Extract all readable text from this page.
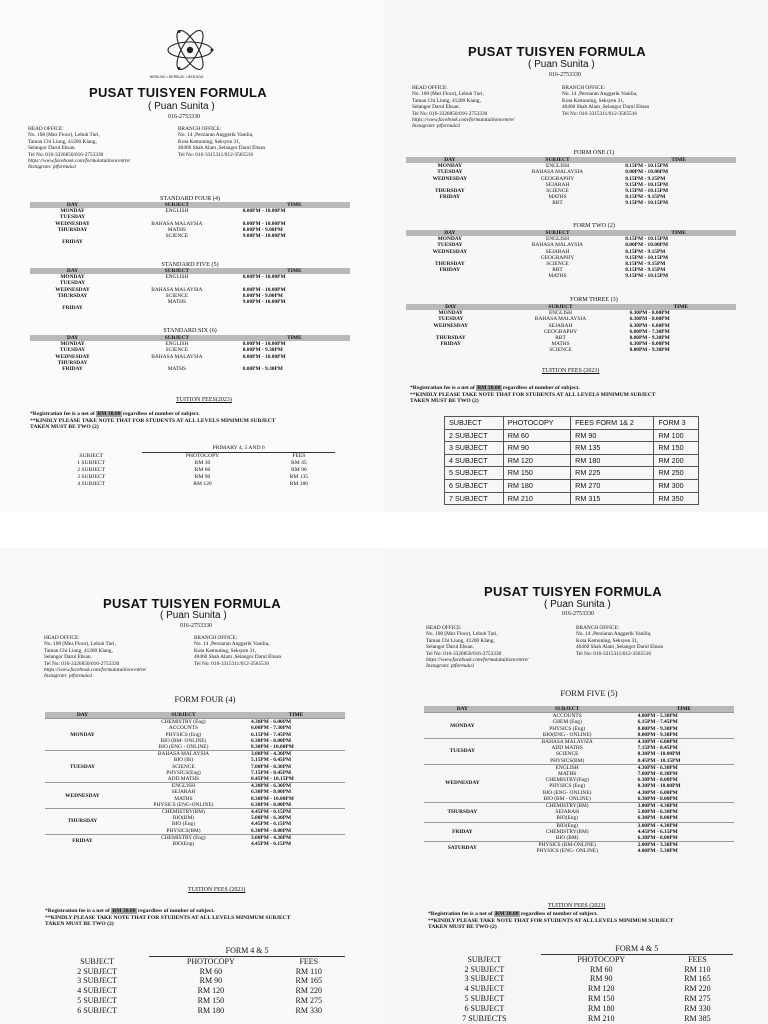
BERILMU • BERBUDI • BERJAYA
PUSAT TUISYEN FORMULA
( Puan Sunita )
016-2753330
HEAD OFFICE:
No. 108 (Mez Floor), Lebuh Turi,
Taman Chi Liung, 41200 Klang,
Selangor Darul Ehsan.
Tel No: 016-3326850/016-2753330
https://www.facebook.com/formulatuitioncentre/
Instagram: ptformula1
BRANCH OFFICE:
No. 14 ,Persiaran Anggerik Vanilia,
Kota Kemuning, Seksyen 31,
40460 Shah Alam ,Selangor Darul Ehsan
Tel No: 016-3315311/012-3565516
STANDARD FOUR (4)
DAY	SUBJECT	TIME
MONDAY	ENGLISH	8.00PM - 10.00PM
TUESDAY		
WEDNESDAY	BAHASA MALAYSIA	8.00PM - 10.00PM
THURSDAY	MATHS	8.00PM - 9.00PM
	SCIENCE	9.00PM - 10.00PM
FRIDAY		
STANDARD FIVE (5)
DAY	SUBJECT	TIME
MONDAY	ENGLISH	8.00PM - 10.00PM
TUESDAY		
WEDNESDAY	BAHASA MALAYSIA	8.00PM - 10.00PM
THURSDAY	SCIENCE	8.00PM - 9.00PM
	MATHS	9.00PM - 10.00PM
FRIDAY		
STANDARD SIX (6)
DAY	SUBJECT	TIME
MONDAY	ENGLISH	8.00PM - 10.00PM
TUESDAY	SCIENCE	8.00PM - 9.30PM
WEDNESDAY	BAHASA MALAYSIA	8.00PM - 10.00PM
THURSDAY		
FRIDAY	MATHS	8.00PM - 9.30PM
TUITION FEES(2023)
*Registration fee is a net of RM 30.00 regardless of number of subject.
**KINDLY PLEASE TAKE NOTE THAT FOR STUDENTS AT ALL LEVELS MINIMUM SUBJECT
TAKEN MUST BE TWO (2)
	PRIMARY 4, 5 AND 6	
SUBJECT	PHOTOCOPY	FEES
1 SUBJECT	RM 30	RM 45
2 SUBJECT	RM 60	RM 90
3 SUBJECT	RM 90	RM 135
4 SUBJECT	RM 120	RM 180
PUSAT TUISYEN FORMULA
( Puan Sunita )
016-2753330
HEAD OFFICE:
No. 108 (Mez Floor), Lebuh Turi,
Taman Chi Liung, 41200 Klang,
Selangor Darul Ehsan.
Tel No: 016-3326850/016-2753330
https://www.facebook.com/formulatuitioncentre/
Instagram: ptformula1
BRANCH OFFICE:
No. 14 ,Persiaran Anggerik Vanilia,
Kota Kemuning, Seksyen 31,
40460 Shah Alam ,Selangor Darul Ehsan
Tel No: 016-3315311/012-3565516
FORM ONE (1)
DAY	SUBJECT	TIME
MONDAY	ENGLISH	8.15PM - 10.15PM
TUESDAY	BAHASA MALAYSIA	8.00PM - 10.00PM
WEDNESDAY	GEOGRAPHY	8.15PM - 9.15PM
	SEJARAH	9.15PM - 10.15PM
THURSDAY	SCIENCE	9.15PM - 10.15PM
FRIDAY	MATHS	8.15PM - 9.15PM
	RBT	9.15PM - 10.15PM
FORM TWO (2)
DAY	SUBJECT	TIME
MONDAY	ENGLISH	8.15PM - 10.15PM
TUESDAY	BAHASA MALAYSIA	8.00PM - 10.00PM
WEDNESDAY	SEJARAH	8.15PM - 9.15PM
	GEOGRAPHY	9.15PM - 10.15PM
THURSDAY	SCIENCE	8.15PM - 9.15PM
FRIDAY	RBT	8.15PM - 9.15PM
	MATHS	9.15PM - 10.15PM
FORM THREE (3)
DAY	SUBJECT	TIME
MONDAY	ENGLISH	6.30PM - 8.00PM
TUESDAY	BAHASA MALAYSIA	6.30PM - 8.00PM
WEDNESDAY	SEJARAH	6.30PM - 6.00PM
	GEOGRAPHY	6.00PM - 7.30PM
THURSDAY	RBT	8.00PM - 9.30PM
FRIDAY	MATHS	6.30PM - 8.00PM
	SCIENCE	8.00PM - 9.30PM
TUITION FEES (2023)
*Registration fee is a net of RM 30.00 regardless of number of subject.
**KINDLY PLEASE TAKE NOTE THAT FOR STUDENTS AT ALL LEVELS MINIMUM SUBJECT
TAKEN MUST BE TWO (2)
SUBJECT	PHOTOCOPY	FEES FORM 1& 2	FORM 3
2 SUBJECT	RM 60	RM 90	RM 100
3 SUBJECT	RM 90	RM 135	RM 150
4 SUBJECT	RM 120	RM 180	RM 200
5 SUBJECT	RM 150	RM 225	RM 250
6 SUBJECT	RM 180	RM 270	RM 300
7 SUBJECT	RM 210	RM 315	RM 350
PUSAT TUISYEN FORMULA
( Puan Sunita )
016-2753330
HEAD OFFICE:
No. 108 (Mez Floor), Lebuh Turi,
Taman Chi Liung, 41200 Klang,
Selangor Darul Ehsan.
Tel No: 016-3326850/016-2753330
https://www.facebook.com/formulatuitioncentre/
Instagram: ptformula1
BRANCH OFFICE:
No. 14 ,Persiaran Anggerik Vanilia,
Kota Kemuning, Seksyen 31,
40460 Shah Alam ,Selangor Darul Ehsan
Tel No: 016-3315311/012-3565516
FORM FOUR (4)
DAY	SUBJECT	TIME
MONDAY	CHEMISTRY (Eng)	4.30PM - 6.00PM
	ACCOUNTS	6.00PM - 7.30PM
	PHYSICS (Eng)	6.15PM - 7.45PM
	BIO (BM- ONLINE)	6.30PM - 8.00PM
	BIO (ENG - ONLINE)	8.30PM - 10.00PM
TUESDAY	BAHASA MALAYSIA	3.00PM - 4.30PM
	BIO (Bi)	5.15PM - 6.45PM
	SCIENCE	7.00PM - 8.30PM
	PHYSICS(Eng)	7.15PM - 8.45PM
	ADD MATHS	8.45PM - 10.15PM
WEDNESDAY	ENGLISH	4.30PM - 6.30PM
	SEJARAH	6.30PM - 8.00PM
	MATHS	8.30PM - 10.00PM
	PHYSICS (ENG-ONLINE)	6.30PM - 8.00PM
THURSDAY	CHEMISTRY(BM)	4.45PM - 6.15PM
	BIO(BM)	5.00PM - 6.30PM
	BIO (Eng)	4.45PM - 6.15PM
	PHYSICS(BM)	6.30PM - 8.00PM
FRIDAY	CHEMISTRY (Eng)	3.00PM - 4.30PM
	BIO(Eng)	4.45PM - 6.15PM
TUITION FEES (2023)
*Registration fee is a net of RM 30.00 regardless of number of subject.
**KINDLY PLEASE TAKE NOTE THAT FOR STUDENTS AT ALL LEVELS MINIMUM SUBJECT
TAKEN MUST BE TWO (2)
	FORM 4 & 5	
SUBJECT	PHOTOCOPY	FEES
2 SUBJECT	RM 60	RM 110
3 SUBJECT	RM 90	RM 165
4 SUBJECT	RM 120	RM 220
5 SUBJECT	RM 150	RM 275
6 SUBJECT	RM 180	RM 330
PUSAT TUISYEN FORMULA
( Puan Sunita )
016-2753330
HEAD OFFICE:
No. 108 (Mez Floor), Lebuh Turi,
Taman Chi Liung, 41200 Klang,
Selangor Darul Ehsan.
Tel No: 016-3326850/016-2753330
https://www.facebook.com/formulatuitioncentre/
Instagram: ptformula1
BRANCH OFFICE:
No. 14 ,Persiaran Anggerik Vanilia,
Kota Kemuning, Seksyen 31,
40460 Shah Alam ,Selangor Darul Ehsan
Tel No: 016-3315311/012-3565516
FORM FIVE (5)
DAY	SUBJECT	TIME
MONDAY	ACCOUNTS	4.00PM - 5.30PM
	CHEM (Eng)	6.15PM - 7.45PM
	PHYSICS (Eng)	8.00PM - 9.30PM
	BIO(ENG - ONLINE)	8.00PM - 9.30PM
TUESDAY	BAHASA MALAYSIA	4.30PM - 6.00PM
	ADD MATHS	7.15PM - 8.45PM
	SCIENCE	8.30PM - 10.00PM
	PHYSICS(BM)	8.45PM - 10.15PM
WEDNESDAY	ENGLISH	4.30PM - 6.30PM
	MATHS	7.00PM - 8.30PM
	CHEMISTRY(Eng)	6.30PM - 8.00PM
	PHYSICS (Eng)	8.30PM - 10.00PM
	BIO (ENG- ONLINE)	4.30PM - 6.00PM
	BIO (BM - ONLINE)	6.30PM - 8.00PM
THURSDAY	CHEMISTRY(BM)	3.00PM - 4.30PM
	SEJARAH	5.00PM - 6.30PM
	BIO(Eng)	6.30PM - 8.00PM
FRIDAY	BIO(Eng)	3.00PM - 4.30PM
	CHEMISTRY(BM)	4.45PM - 6.15PM
	BIO (BM)	6.30PM - 8.00PM
SATURDAY	PHYSICS (BM-ONLINE)	2.00PM - 3.30PM
	PHYSICS (ENG- ONLINE)	4.00PM - 5.30PM
TUITION FEES (2023)
*Registration fee is a net of RM 30.00 regardless of number of subject.
**KINDLY PLEASE TAKE NOTE THAT FOR STUDENTS AT ALL LEVELS MINIMUM SUBJECT
TAKEN MUST BE TWO (2)
	FORM 4 & 5	
SUBJECT	PHOTOCOPY	FEES
2 SUBJECT	RM 60	RM 110
3 SUBJECT	RM 90	RM 165
4 SUBJECT	RM 120	RM 220
5 SUBJECT	RM 150	RM 275
6 SUBJECT	RM 180	RM 330
7 SUBJECTS	RM 210	RM 385
